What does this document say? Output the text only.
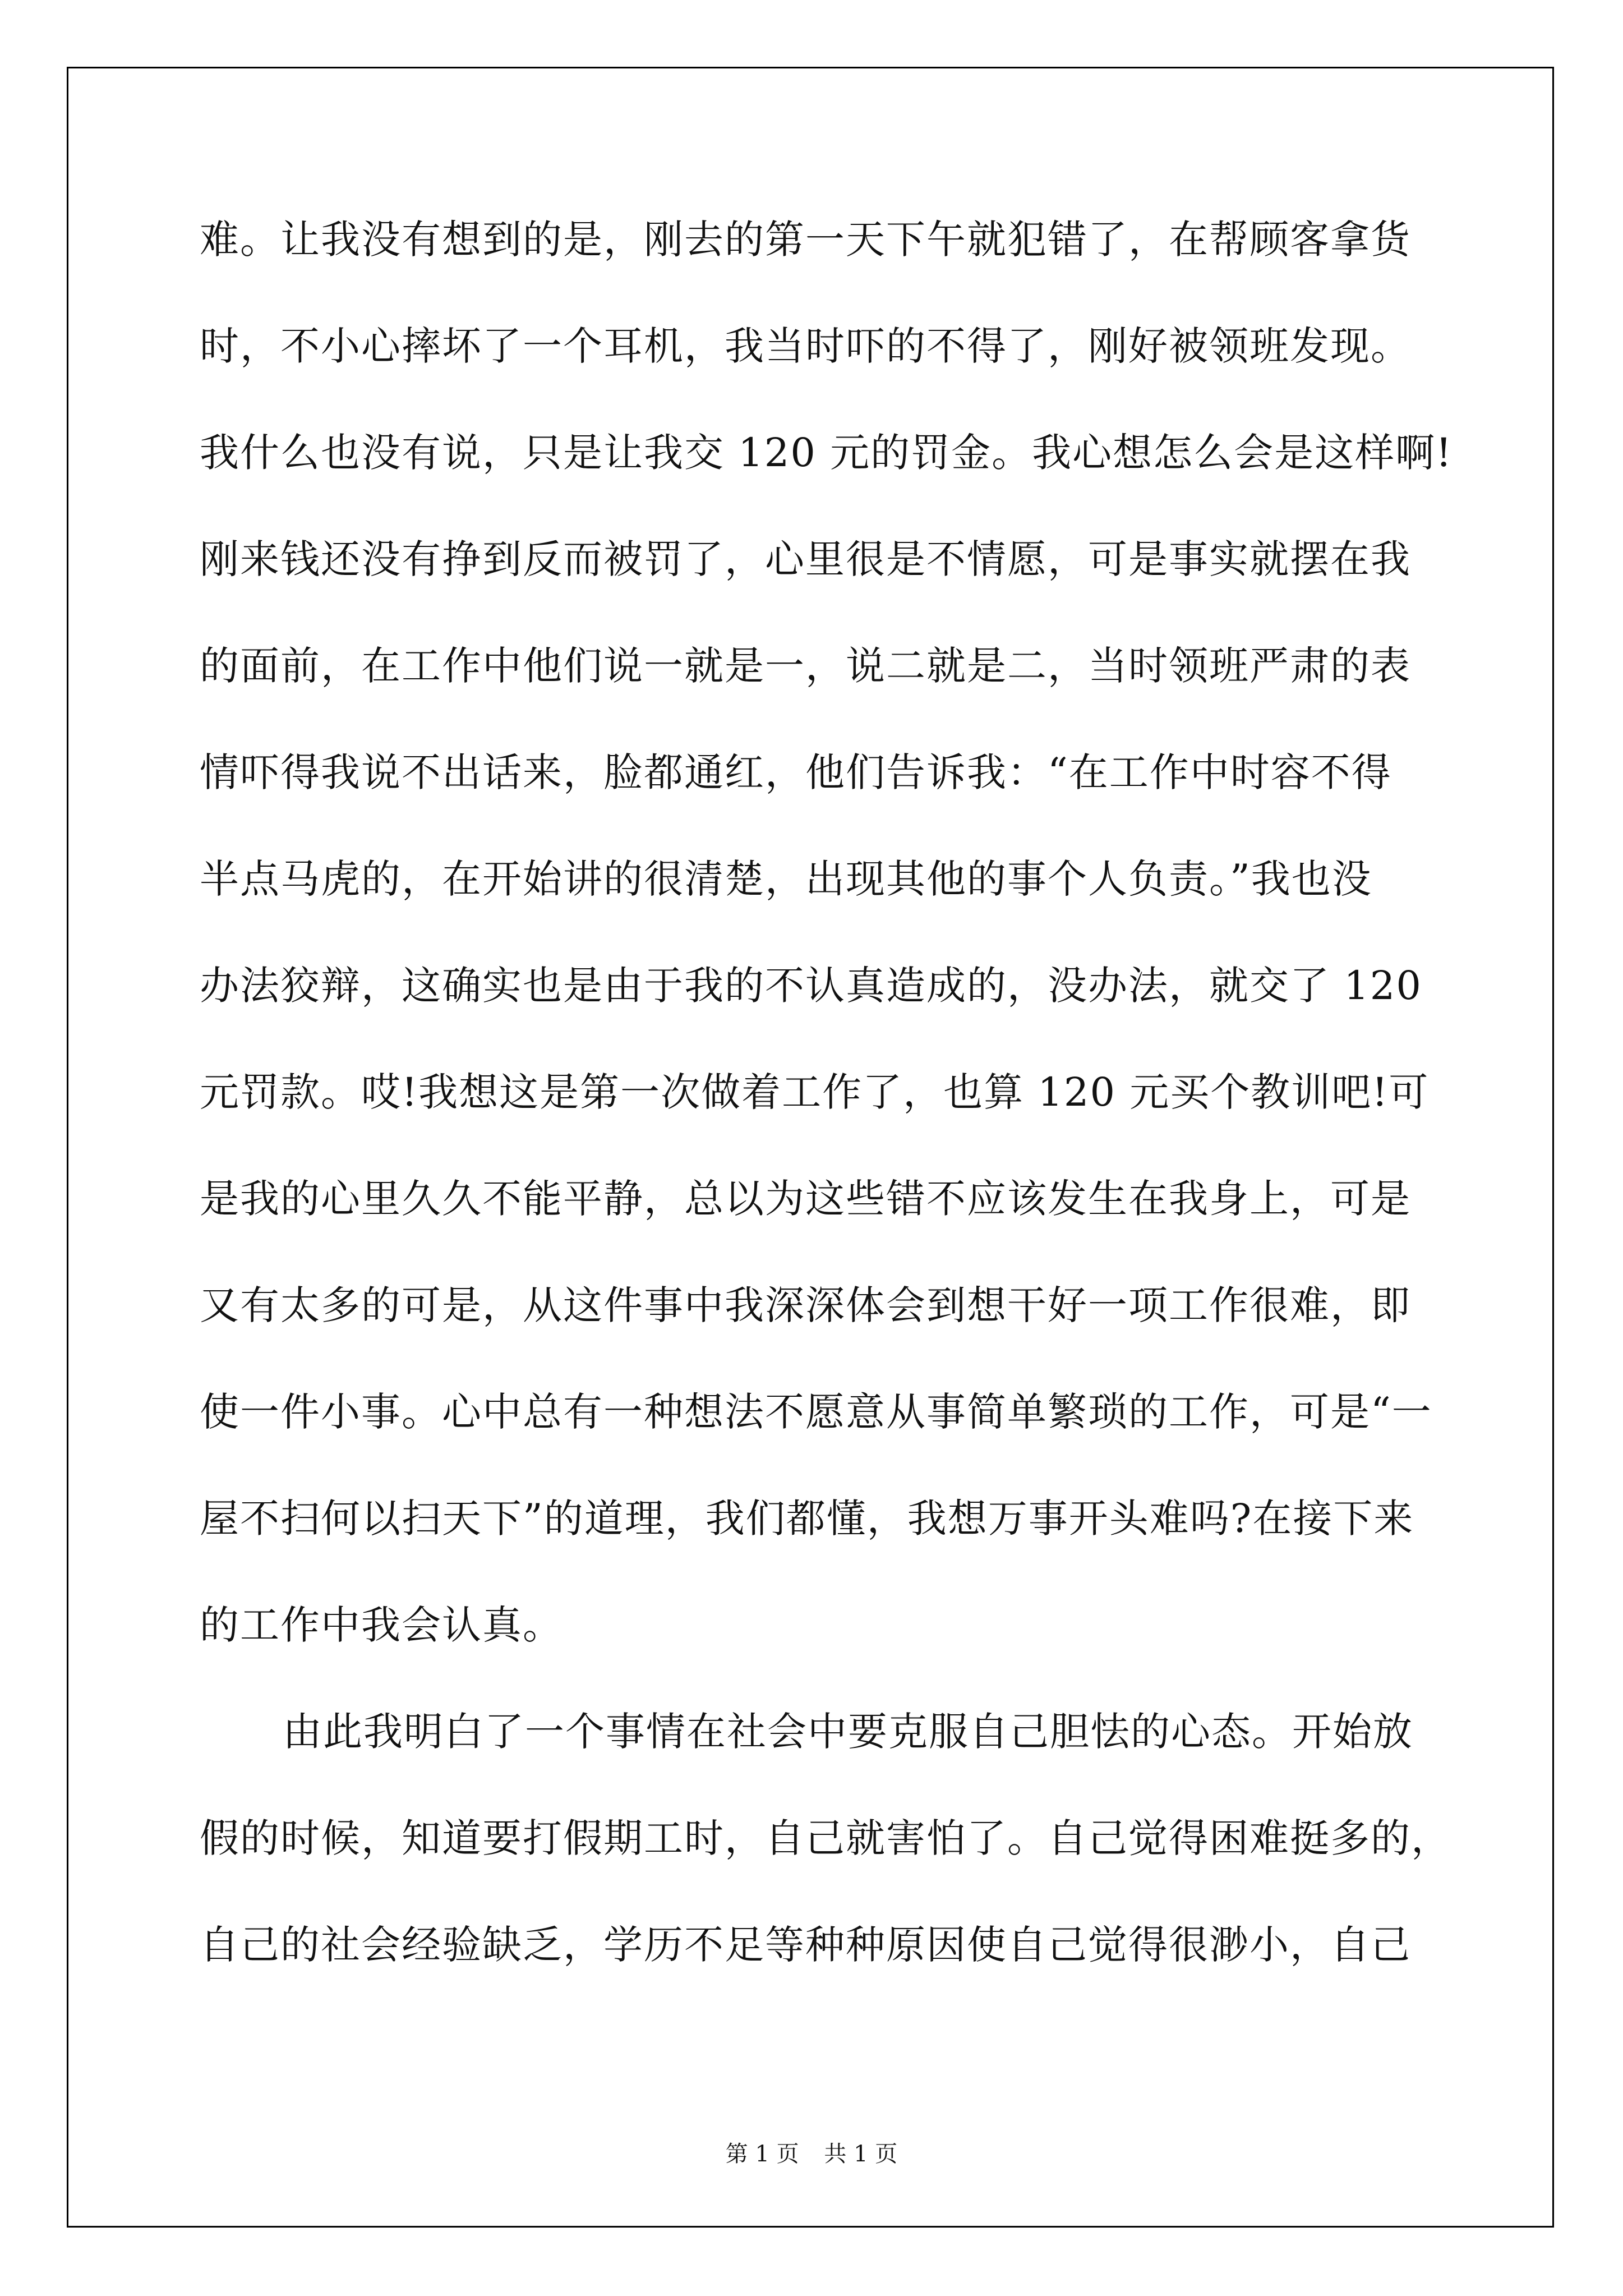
难。让我没有想到的是，刚去的第一天下午就犯错了，在帮顾客拿货
时，不小心摔坏了一个耳机，我当时吓的不得了，刚好被领班发现。
我什么也没有说，只是让我交 120 元的罚金。我心想怎么会是这样啊!
刚来钱还没有挣到反而被罚了，心里很是不情愿，可是事实就摆在我
的面前，在工作中他们说一就是一，说二就是二，当时领班严肃的表
情吓得我说不出话来，脸都通红，他们告诉我：“在工作中时容不得
半点马虎的，在开始讲的很清楚，出现其他的事个人负责。”我也没
办法狡辩，这确实也是由于我的不认真造成的，没办法，就交了 120
元罚款。哎!我想这是第一次做着工作了，也算 120 元买个教训吧!可
是我的心里久久不能平静，总以为这些错不应该发生在我身上，可是
又有太多的可是，从这件事中我深深体会到想干好一项工作很难，即
使一件小事。心中总有一种想法不愿意从事简单繁琐的工作，可是“一
屋不扫何以扫天下”的道理，我们都懂，我想万事开头难吗?在接下来
的工作中我会认真。
由此我明白了一个事情在社会中要克服自己胆怯的心态。开始放
假的时候，知道要打假期工时，自己就害怕了。自己觉得困难挺多的，
自己的社会经验缺乏，学历不足等种种原因使自己觉得很渺小，自己
第 1 页 共 1 页
